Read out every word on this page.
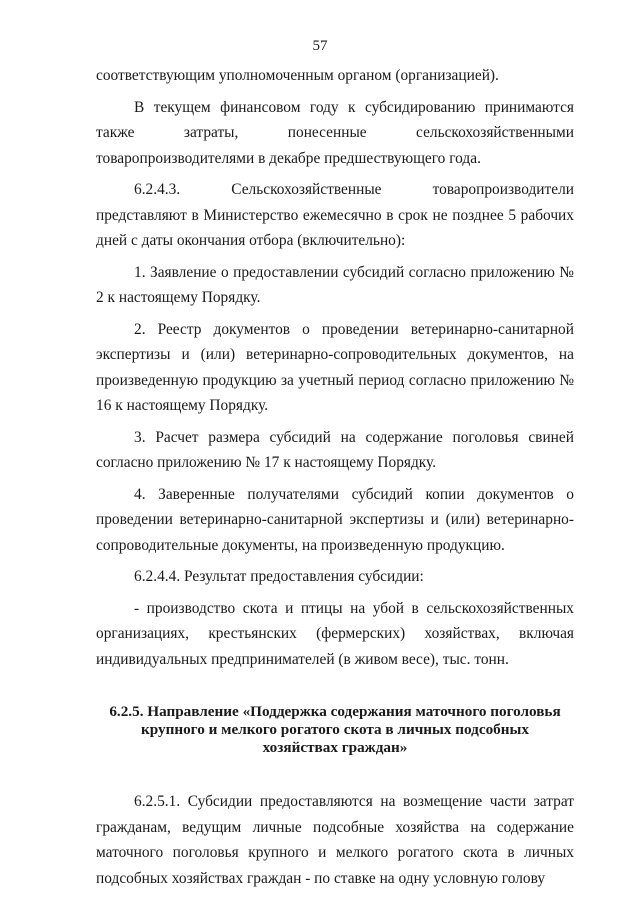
57

соответствующим уполномоченным органом (организацией).

В текущем финансовом году к субсидированию принимаются также затраты, понесенные сельскохозяйственными товаропроизводителями в декабре предшествующего года.

6.2.4.3. Сельскохозяйственные товаропроизводители представляют в Министерство ежемесячно в срок не позднее 5 рабочих дней с даты окончания отбора (включительно):

1. Заявление о предоставлении субсидий согласно приложению № 2 к настоящему Порядку.

2. Реестр документов о проведении ветеринарно-санитарной экспертизы и (или) ветеринарно-сопроводительных документов, на произведенную продукцию за учетный период согласно приложению № 16 к настоящему Порядку.

3. Расчет размера субсидий на содержание поголовья свиней согласно приложению № 17 к настоящему Порядку.

4. Заверенные получателями субсидий копии документов о проведении ветеринарно-санитарной экспертизы и (или) ветеринарно-сопроводительные документы, на произведенную продукцию.

6.2.4.4. Результат предоставления субсидии:

- производство скота и птицы на убой в сельскохозяйственных организациях, крестьянских (фермерских) хозяйствах, включая индивидуальных предпринимателей (в живом весе), тыс. тонн.

6.2.5. Направление «Поддержка содержания маточного поголовья
крупного и мелкого рогатого скота в личных подсобных
хозяйствах граждан»

6.2.5.1. Субсидии предоставляются на возмещение части затрат гражданам, ведущим личные подсобные хозяйства на содержание маточного поголовья крупного и мелкого рогатого скота в личных подсобных хозяйствах граждан - по ставке на одну условную голову
